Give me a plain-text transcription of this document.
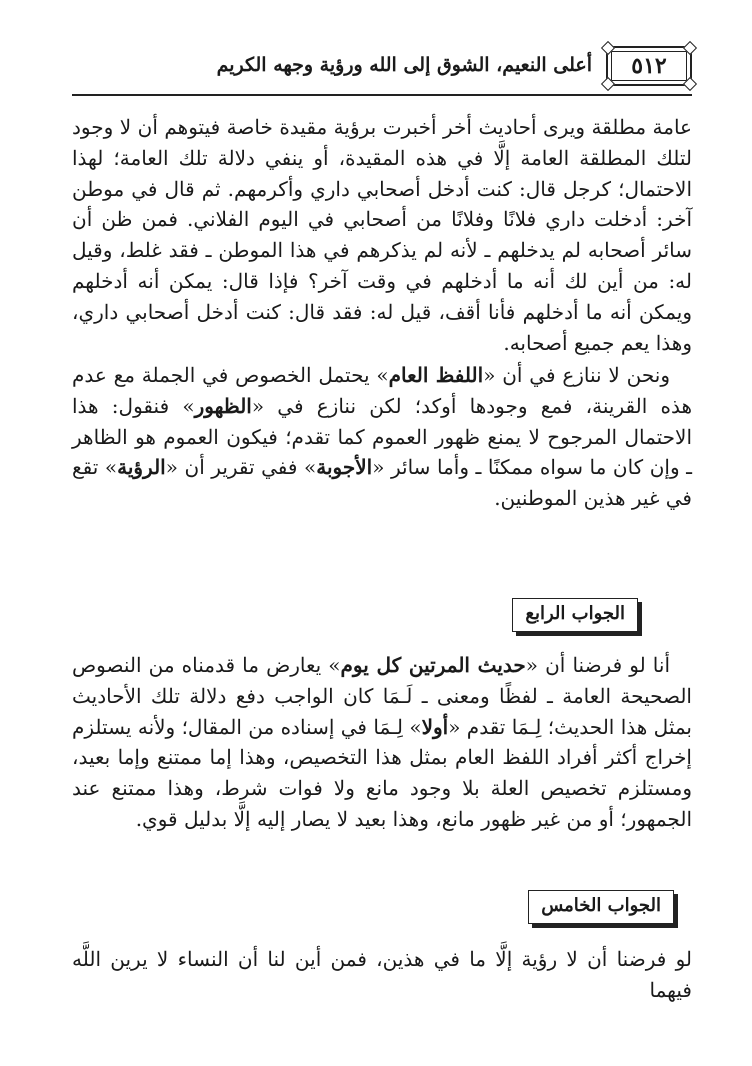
٥١٢
أعلى النعيم، الشوق إلى الله ورؤية وجهه الكريم

عامة مطلقة ويرى أحاديث أخر أخبرت برؤية مقيدة خاصة فيتوهم أن لا وجود لتلك المطلقة العامة إلَّا في هذه المقيدة، أو ينفي دلالة تلك العامة؛ لهذا الاحتمال؛ كرجل قال: كنت أدخل أصحابي داري وأكرمهم. ثم قال في موطن آخر: أدخلت داري فلانًا وفلانًا من أصحابي في اليوم الفلاني. فمن ظن أن سائر أصحابه لم يدخلهم ـ لأنه لم يذكرهم في هذا الموطن ـ فقد غلط، وقيل له: من أين لك أنه ما أدخلهم في وقت آخر؟ فإذا قال: يمكن أنه أدخلهم ويمكن أنه ما أدخلهم فأنا أقف، قيل له: فقد قال: كنت أدخل أصحابي داري، وهذا يعم جميع أصحابه.

ونحن لا ننازع في أن «اللفظ العام» يحتمل الخصوص في الجملة مع عدم هذه القرينة، فمع وجودها أوكد؛ لكن ننازع في «الظهور» فنقول: هذا الاحتمال المرجوح لا يمنع ظهور العموم كما تقدم؛ فيكون العموم هو الظاهر ـ وإن كان ما سواه ممكنًا ـ وأما سائر «الأجوبة» ففي تقرير أن «الرؤية» تقع في غير هذين الموطنين.

الجواب الرابع

أنا لو فرضنا أن «حديث المرتين كل يوم» يعارض ما قدمناه من النصوص الصحيحة العامة ـ لفظًا ومعنى ـ لَـمَا كان الواجب دفع دلالة تلك الأحاديث بمثل هذا الحديث؛ لِـمَا تقدم «أولا» لِـمَا في إسناده من المقال؛ ولأنه يستلزم إخراج أكثر أفراد اللفظ العام بمثل هذا التخصيص، وهذا إما ممتنع وإما بعيد، ومستلزم تخصيص العلة بلا وجود مانع ولا فوات شرط، وهذا ممتنع عند الجمهور؛ أو من غير ظهور مانع، وهذا بعيد لا يصار إليه إلَّا بدليل قوي.

الجواب الخامس

لو فرضنا أن لا رؤية إلَّا ما في هذين، فمن أين لنا أن النساء لا يرين اللَّه فيهما
